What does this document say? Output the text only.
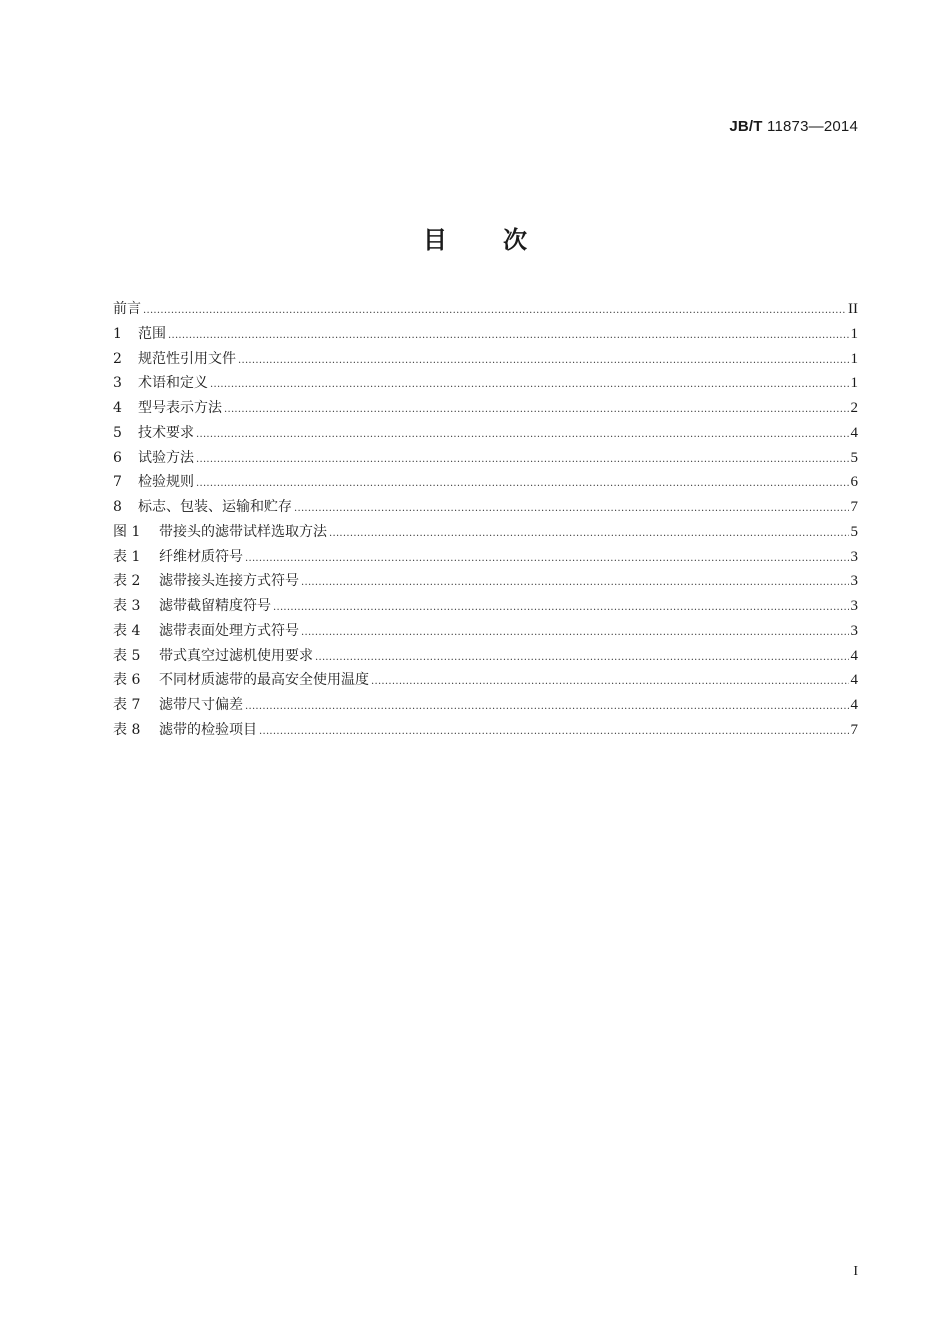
JB/T 11873—2014
目次
前言 .....	II
1	范围 .....	1
2	规范性引用文件 .....	1
3	术语和定义 .....	1
4	型号表示方法 .....	2
5	技术要求 .....	4
6	试验方法 .....	5
7	检验规则 .....	6
8	标志、包装、运输和贮存 .....	7
图 1	带接头的滤带试样选取方法 .....	5
表 1	纤维材质符号 .....	3
表 2	滤带接头连接方式符号 .....	3
表 3	滤带截留精度符号 .....	3
表 4	滤带表面处理方式符号 .....	3
表 5	带式真空过滤机使用要求 .....	4
表 6	不同材质滤带的最高安全使用温度 .....	4
表 7	滤带尺寸偏差 .....	4
表 8	滤带的检验项目 .....	7
I
